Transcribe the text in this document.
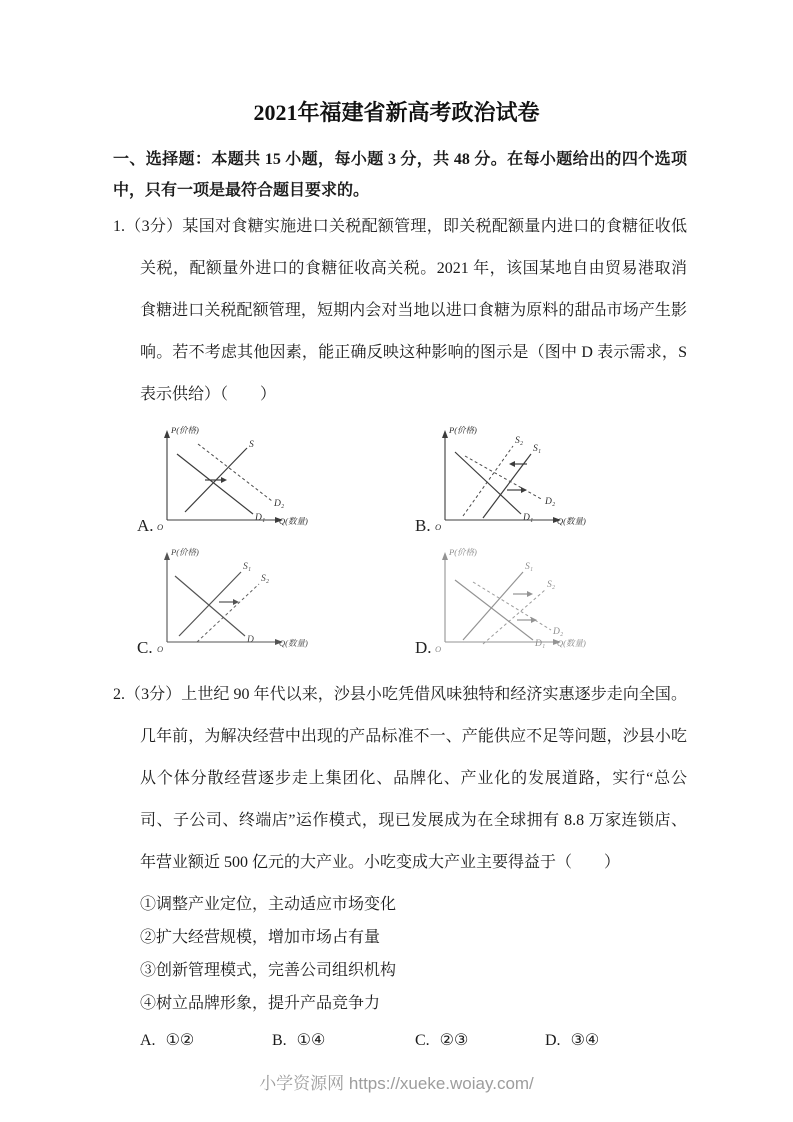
2021年福建省新高考政治试卷

一、选择题：本题共 15 小题，每小题 3 分，共 48 分。在每小题给出的四个选项中，只有一项是最符合题目要求的。

1.（3分）某国对食糖实施进口关税配额管理，即关税配额量内进口的食糖征收低关税，配额量外进口的食糖征收高关税。2021 年，该国某地自由贸易港取消食糖进口关税配额管理，短期内会对当地以进口食糖为原料的甜品市场产生影响。若不考虑其他因素，能正确反映这种影响的图示是（图中 D 表示需求，S 表示供给）（　　）

A.
P(价格)
O
Q(数量)
S
D₁
D₂
B.
P(价格)
O
Q(数量)
S₂
S₁
D₁
D₂
C.
P(价格)
O
Q(数量)
S₁
S₂
D	D.
P(价格)
O
Q(数量)
S₁
S₂
D₁
D₂

2.（3分）上世纪 90 年代以来，沙县小吃凭借风味独特和经济实惠逐步走向全国。几年前，为解决经营中出现的产品标准不一、产能供应不足等问题，沙县小吃从个体分散经营逐步走上集团化、品牌化、产业化的发展道路，实行“总公司、子公司、终端店”运作模式，现已发展成为在全球拥有 8.8 万家连锁店、年营业额近 500 亿元的大产业。小吃变成大产业主要得益于（　　）

①调整产业定位，主动适应市场变化
②扩大经营规模，增加市场占有量
③创新管理模式，完善公司组织机构
④树立品牌形象，提升产品竞争力
A. ①②	B. ①④	C. ②③	D. ③④
小学资源网 https://xueke.woiay.com/
